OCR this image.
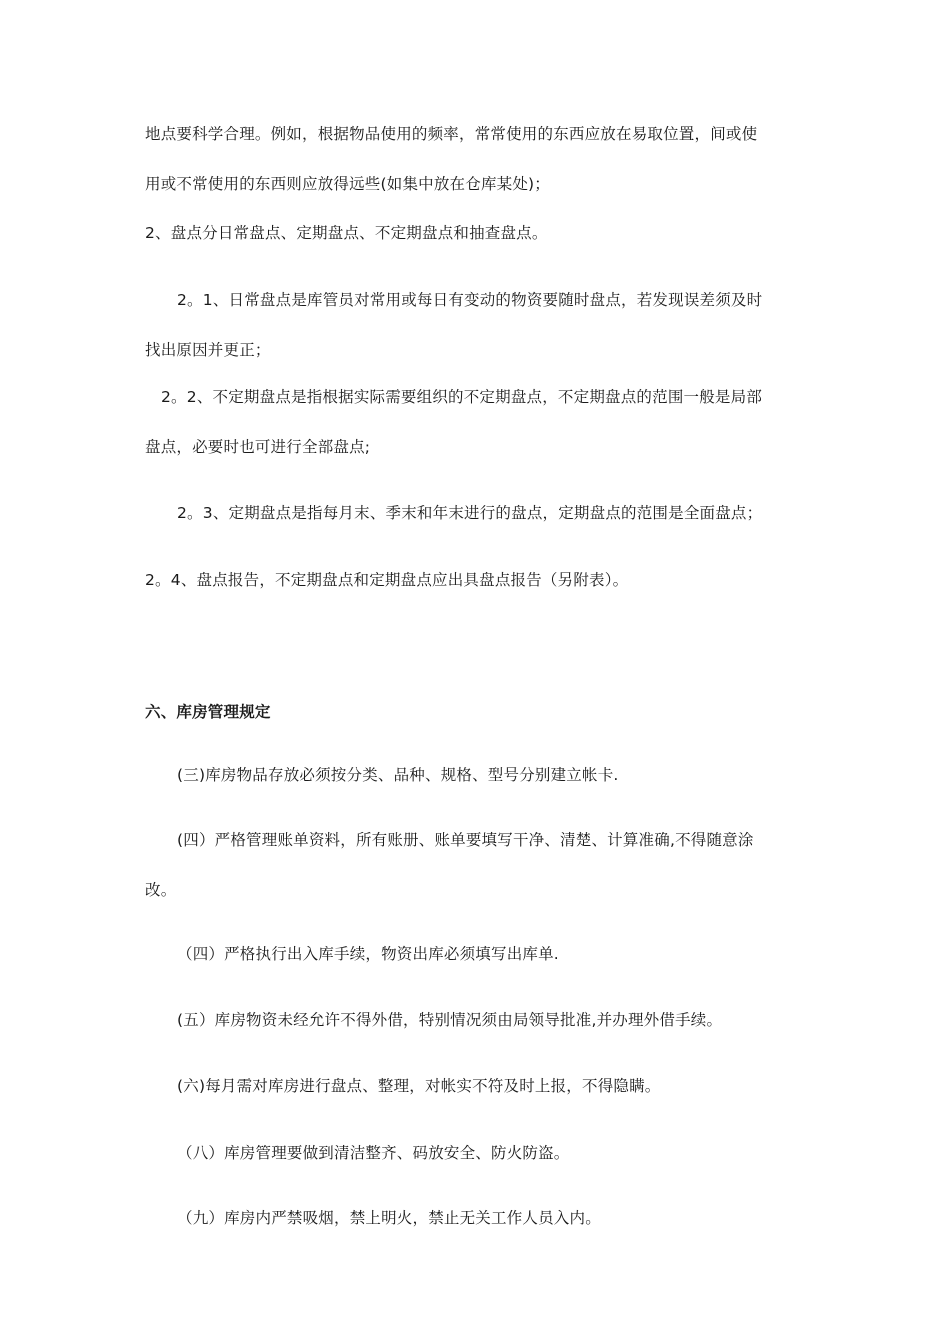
地点要科学合理。例如，根据物品使用的频率，常常使用的东西应放在易取位置，间或使
用或不常使用的东西则应放得远些(如集中放在仓库某处)；
2、盘点分日常盘点、定期盘点、不定期盘点和抽查盘点。
2。1、日常盘点是库管员对常用或每日有变动的物资要随时盘点，若发现误差须及时
找出原因并更正；
2。2、不定期盘点是指根据实际需要组织的不定期盘点，不定期盘点的范围一般是局部
盘点，必要时也可进行全部盘点;
2。3、定期盘点是指每月末、季末和年末进行的盘点，定期盘点的范围是全面盘点；
2。4、盘点报告，不定期盘点和定期盘点应出具盘点报告（另附表）。
六、库房管理规定
(三)库房物品存放必须按分类、品种、规格、型号分别建立帐卡.
(四）严格管理账单资料，所有账册、账单要填写干净、清楚、计算准确,不得随意涂
改。
（四）严格执行出入库手续，物资出库必须填写出库单.
(五）库房物资未经允许不得外借，特别情况须由局领导批准,并办理外借手续。
(六)每月需对库房进行盘点、整理，对帐实不符及时上报，不得隐瞒。
（八）库房管理要做到清洁整齐、码放安全、防火防盗。
（九）库房内严禁吸烟，禁上明火，禁止无关工作人员入内。
